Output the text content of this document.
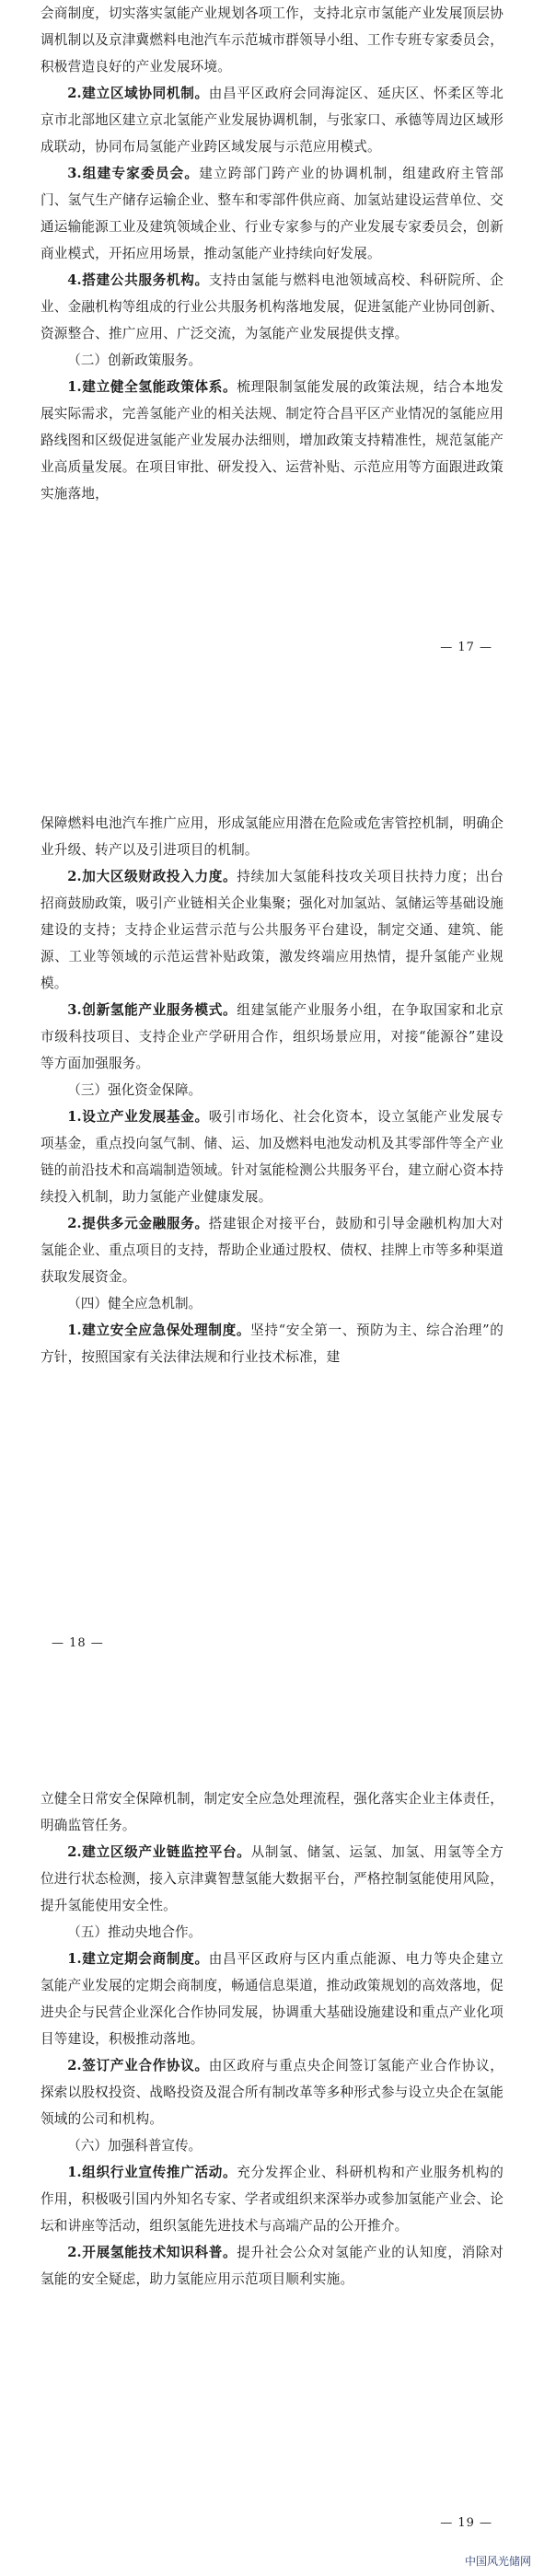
会商制度，切实落实氢能产业规划各项工作，支持北京市氢能产业发展顶层协调机制以及京津冀燃料电池汽车示范城市群领导小组、工作专班专家委员会，积极营造良好的产业发展环境。

2.建立区域协同机制。由昌平区政府会同海淀区、延庆区、怀柔区等北京市北部地区建立京北氢能产业发展协调机制，与张家口、承德等周边区域形成联动，协同布局氢能产业跨区域发展与示范应用模式。

3.组建专家委员会。建立跨部门跨产业的协调机制，组建政府主管部门、氢气生产储存运输企业、整车和零部件供应商、加氢站建设运营单位、交通运输能源工业及建筑领域企业、行业专家参与的产业发展专家委员会，创新商业模式，开拓应用场景，推动氢能产业持续向好发展。

4.搭建公共服务机构。支持由氢能与燃料电池领域高校、科研院所、企业、金融机构等组成的行业公共服务机构落地发展，促进氢能产业协同创新、资源整合、推广应用、广泛交流，为氢能产业发展提供支撑。

（二）创新政策服务。

1.建立健全氢能政策体系。梳理限制氢能发展的政策法规，结合本地发展实际需求，完善氢能产业的相关法规、制定符合昌平区产业情况的氢能应用路线图和区级促进氢能产业发展办法细则，增加政策支持精准性，规范氢能产业高质量发展。在项目审批、研发投入、运营补贴、示范应用等方面跟进政策实施落地，

— 17 —

保障燃料电池汽车推广应用，形成氢能应用潜在危险或危害管控机制，明确企业升级、转产以及引进项目的机制。

2.加大区级财政投入力度。持续加大氢能科技攻关项目扶持力度；出台招商鼓励政策，吸引产业链相关企业集聚；强化对加氢站、氢储运等基础设施建设的支持；支持企业运营示范与公共服务平台建设，制定交通、建筑、能源、工业等领域的示范运营补贴政策，激发终端应用热情，提升氢能产业规模。

3.创新氢能产业服务模式。组建氢能产业服务小组，在争取国家和北京市级科技项目、支持企业产学研用合作，组织场景应用，对接“能源谷”建设等方面加强服务。

（三）强化资金保障。

1.设立产业发展基金。吸引市场化、社会化资本，设立氢能产业发展专项基金，重点投向氢气制、储、运、加及燃料电池发动机及其零部件等全产业链的前沿技术和高端制造领域。针对氢能检测公共服务平台，建立耐心资本持续投入机制，助力氢能产业健康发展。

2.提供多元金融服务。搭建银企对接平台，鼓励和引导金融机构加大对氢能企业、重点项目的支持，帮助企业通过股权、债权、挂牌上市等多种渠道获取发展资金。

（四）健全应急机制。

1.建立安全应急保处理制度。坚持“安全第一、预防为主、综合治理”的方针，按照国家有关法律法规和行业技术标准，建

— 18 —

立健全日常安全保障机制，制定安全应急处理流程，强化落实企业主体责任，明确监管任务。

2.建立区级产业链监控平台。从制氢、储氢、运氢、加氢、用氢等全方位进行状态检测，接入京津冀智慧氢能大数据平台，严格控制氢能使用风险，提升氢能使用安全性。

（五）推动央地合作。

1.建立定期会商制度。由昌平区政府与区内重点能源、电力等央企建立氢能产业发展的定期会商制度，畅通信息渠道，推动政策规划的高效落地，促进央企与民营企业深化合作协同发展，协调重大基础设施建设和重点产业化项目等建设，积极推动落地。

2.签订产业合作协议。由区政府与重点央企间签订氢能产业合作协议，探索以股权投资、战略投资及混合所有制改革等多种形式参与设立央企在氢能领域的公司和机构。

（六）加强科普宣传。

1.组织行业宣传推广活动。充分发挥企业、科研机构和产业服务机构的作用，积极吸引国内外知名专家、学者或组织来深举办或参加氢能产业会、论坛和讲座等活动，组织氢能先进技术与高端产品的公开推介。

2.开展氢能技术知识科普。提升社会公众对氢能产业的认知度，消除对氢能的安全疑虑，助力氢能应用示范项目顺利实施。

— 19 —
中国风光储网
